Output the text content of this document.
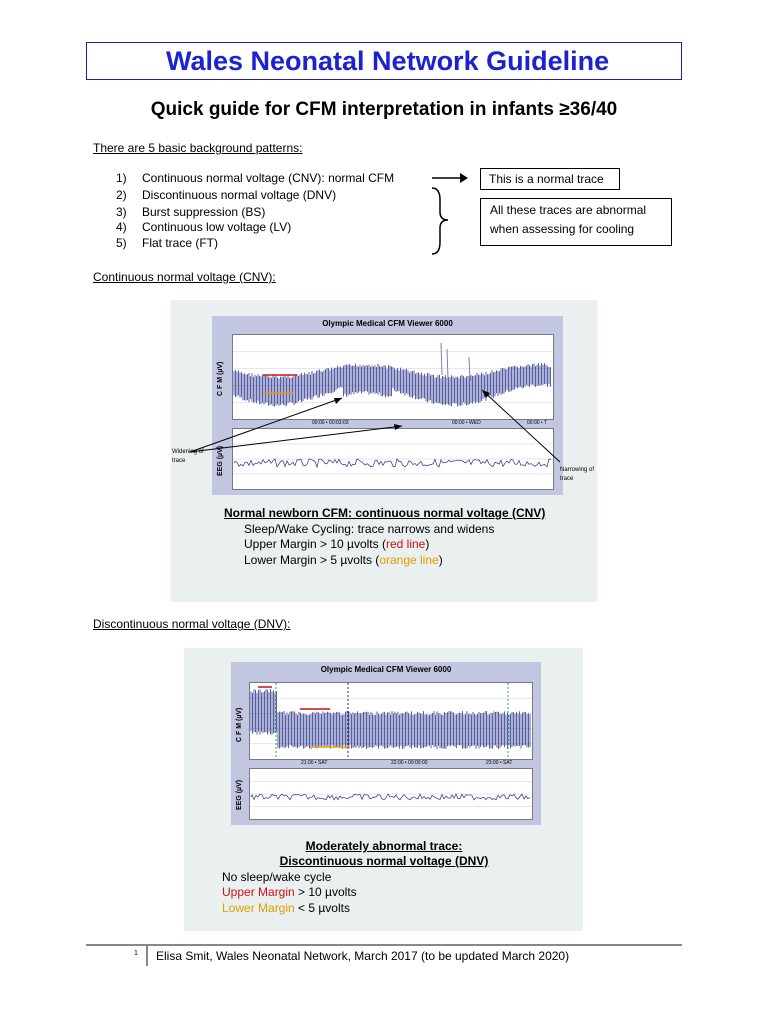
Wales Neonatal Network Guideline
Quick guide for CFM interpretation in infants ≥36/40
There are 5 basic background patterns:
1) Continuous normal voltage (CNV): normal CFM
2) Discontinuous normal voltage (DNV)
3) Burst suppression (BS)
4) Continuous low voltage (LV)
5) Flat trace (FT)
This is a normal trace
All these traces are abnormal when assessing for cooling
Continuous normal voltage (CNV):
Olympic Medical CFM Viewer 6000
C F M (µV)
00:00 • 00:03:03	00:00 • WED	00:00 • T
EEG (µV)
Widening of trace
Narrowing of trace
Normal newborn CFM: continuous normal voltage (CNV)
Sleep/Wake Cycling: trace narrows and widens
Upper Margin > 10 µvolts (red line)
Lower Margin > 5 µvolts (orange line)
Discontinuous normal voltage (DNV):
Olympic Medical CFM Viewer 6000
C F M (µV)
21:00 • SAT	22:00 • 00:00:00	23:00 • SAT
EEG (µV)
Moderately abnormal trace:
Discontinuous normal voltage (DNV)
No sleep/wake cycle
Upper Margin > 10 µvolts
Lower Margin < 5 µvolts
1 Elisa Smit, Wales Neonatal Network, March 2017 (to be updated March 2020)
